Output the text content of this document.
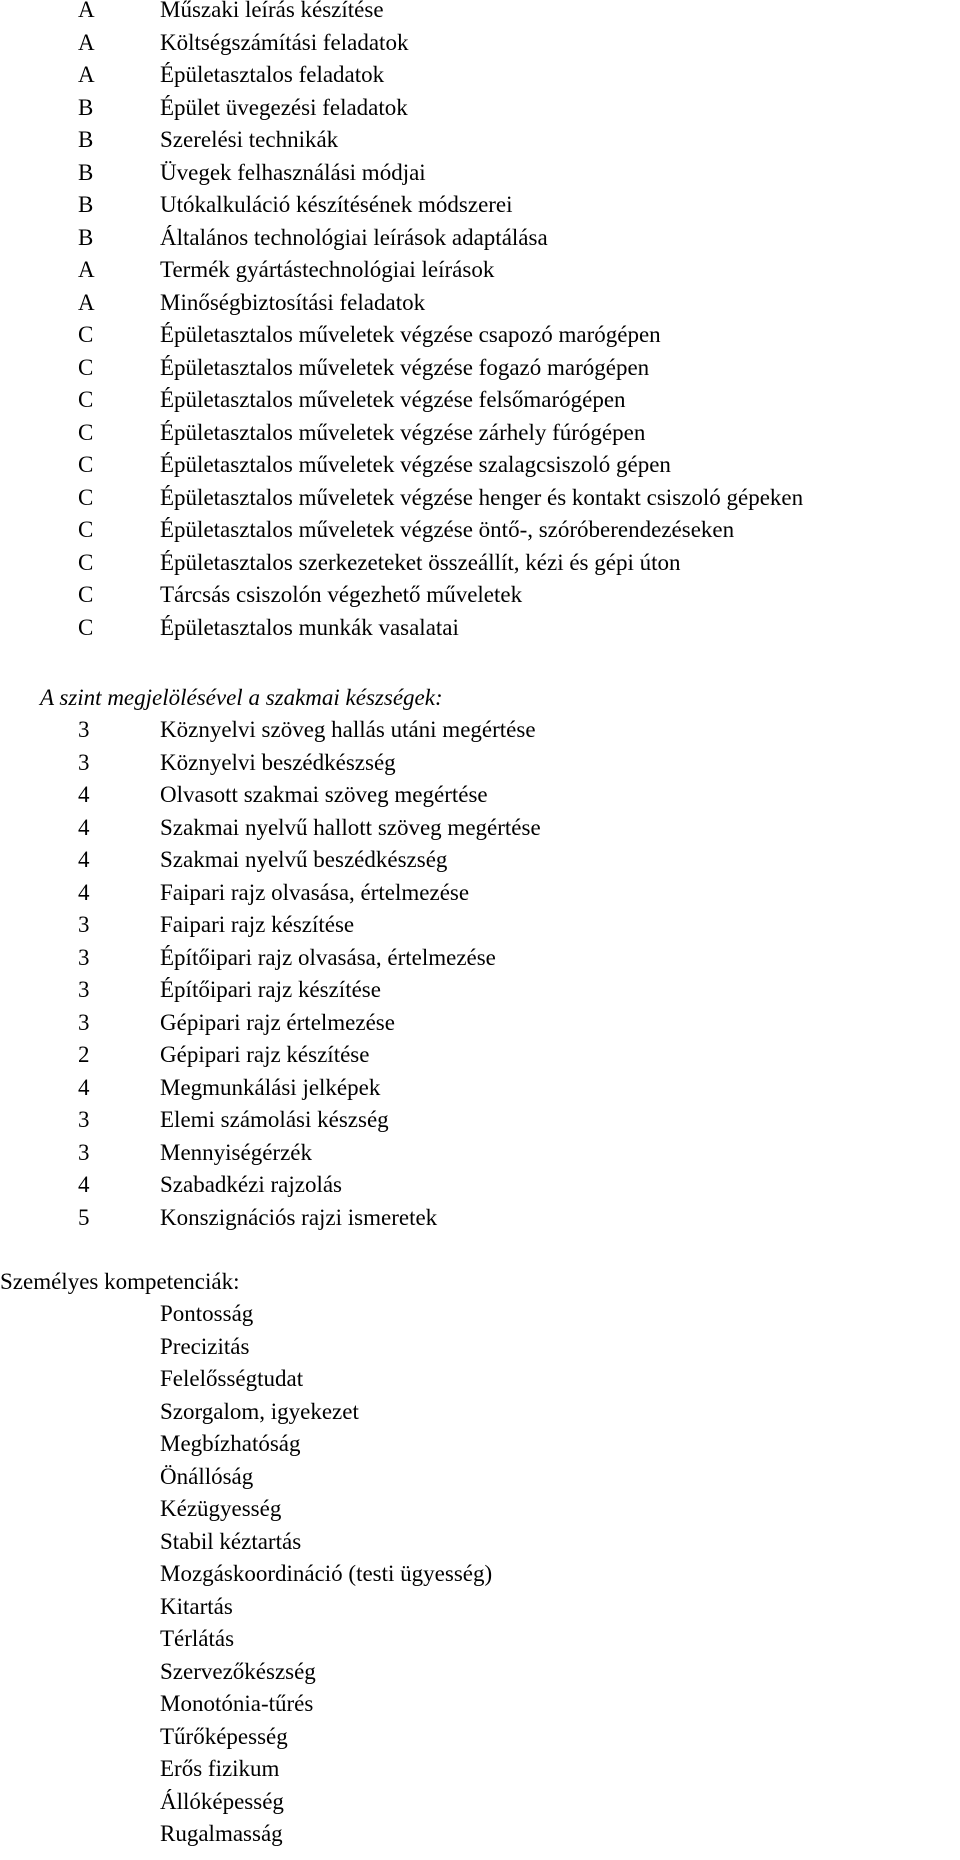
A	Műszaki leírás készítése
A	Költségszámítási feladatok
A	Épületasztalos feladatok
B	Épület üvegezési feladatok
B	Szerelési technikák
B	Üvegek felhasználási módjai
B	Utókalkuláció készítésének módszerei
B	Általános technológiai leírások adaptálása
A	Termék gyártástechnológiai leírások
A	Minőségbiztosítási feladatok
C	Épületasztalos műveletek végzése csapozó marógépen
C	Épületasztalos műveletek végzése fogazó marógépen
C	Épületasztalos műveletek végzése felsőmarógépen
C	Épületasztalos műveletek végzése zárhely fúrógépen
C	Épületasztalos műveletek végzése szalagcsiszoló gépen
C	Épületasztalos műveletek végzése henger és kontakt csiszoló gépeken
C	Épületasztalos műveletek végzése öntő-, szóróberendezéseken
C	Épületasztalos szerkezeteket összeállít, kézi és gépi úton
C	Tárcsás csiszolón végezhető műveletek
C	Épületasztalos munkák vasalatai
A szint megjelölésével a szakmai készségek:
3	Köznyelvi szöveg hallás utáni megértése
3	Köznyelvi beszédkészség
4	Olvasott szakmai szöveg megértése
4	Szakmai nyelvű hallott szöveg megértése
4	Szakmai nyelvű beszédkészség
4	Faipari rajz olvasása, értelmezése
3	Faipari rajz készítése
3	Építőipari rajz olvasása, értelmezése
3	Építőipari rajz készítése
3	Gépipari rajz értelmezése
2	Gépipari rajz készítése
4	Megmunkálási jelképek
3	Elemi számolási készség
3	Mennyiségérzék
4	Szabadkézi rajzolás
5	Konszignációs rajzi ismeretek
Személyes kompetenciák:
Pontosság
Precizitás
Felelősségtudat
Szorgalom, igyekezet
Megbízhatóság
Önállóság
Kézügyesség
Stabil kéztartás
Mozgáskoordináció (testi ügyesség)
Kitartás
Térlátás
Szervezőkészség
Monotónia-tűrés
Tűrőképesség
Erős fizikum
Állóképesség
Rugalmasság
